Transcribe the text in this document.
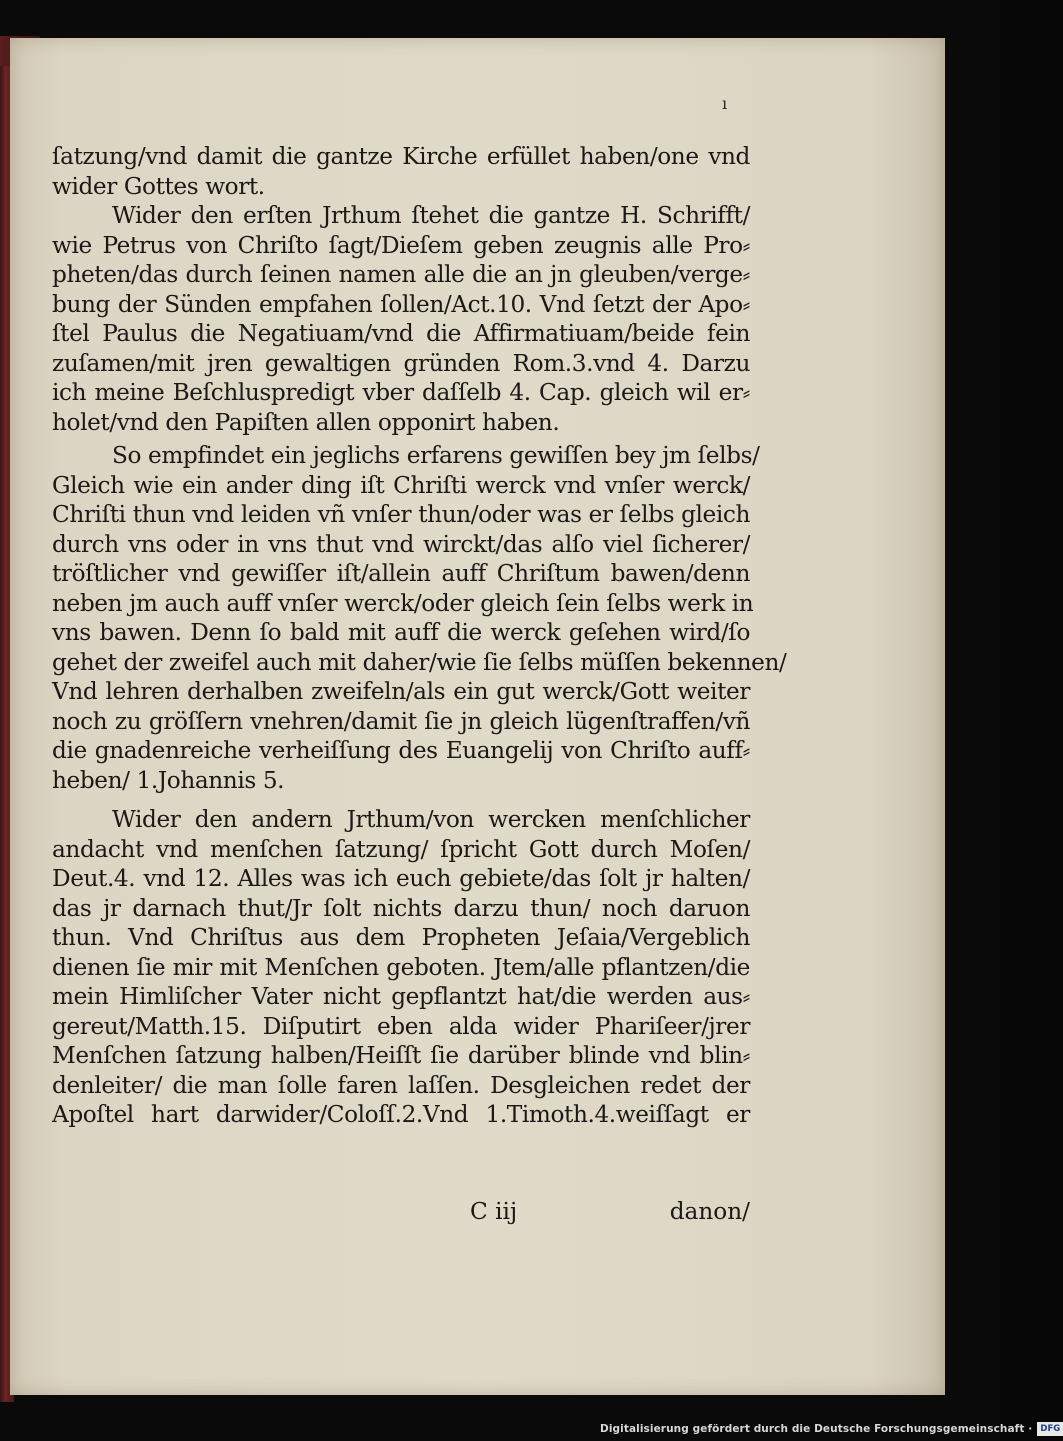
ı
ſatzung/vnd damit die gantze Kirche erfüllet haben/one vnd
wider Gottes wort.
Wider den erſten Jrthum ſtehet die gantze H. Schrifft/
wie Petrus von Chriſto ſagt/Dieſem geben zeugnis alle Pro⸗
pheten/das durch ſeinen namen alle die an jn gleuben/verge⸗
bung der Sünden empfahen ſollen/Act.10. Vnd ſetzt der Apo⸗
ſtel Paulus die Negatiuam/vnd die Affirmatiuam/beide fein
zuſamen/mit jren gewaltigen gründen Rom.3.vnd 4. Darzu
ich meine Beſchluspredigt vber daſſelb 4. Cap. gleich wil er⸗
holet/vnd den Papiſten allen opponirt haben.
So empfindet ein jeglichs erfarens gewiſſen bey jm ſelbs/
Gleich wie ein ander ding iſt Chriſti werck vnd vnſer werck/
Chriſti thun vnd leiden vñ vnſer thun/oder was er ſelbs gleich
durch vns oder in vns thut vnd wirckt/das alſo viel ſicherer/
tröſtlicher vnd gewiſſer iſt/allein auff Chriſtum bawen/denn
neben jm auch auff vnſer werck/oder gleich ſein ſelbs werk in
vns bawen. Denn ſo bald mit auff die werck geſehen wird/ſo
gehet der zweifel auch mit daher/wie ſie ſelbs müſſen bekennen/
Vnd lehren derhalben zweifeln/als ein gut werck/Gott weiter
noch zu gröſſern vnehren/damit ſie jn gleich lügenſtraffen/vñ
die gnadenreiche verheiſſung des Euangelij von Chriſto auff⸗
heben/ 1.Johannis 5.
Wider den andern Jrthum/von wercken menſchlicher
andacht vnd menſchen ſatzung/ ſpricht Gott durch Moſen/
Deut.4. vnd 12. Alles was ich euch gebiete/das ſolt jr halten/
das jr darnach thut/Jr ſolt nichts darzu thun/ noch daruon
thun. Vnd Chriſtus aus dem Propheten Jeſaia/Vergeblich
dienen ſie mir mit Menſchen geboten. Jtem/alle pflantzen/die
mein Himliſcher Vater nicht gepflantzt hat/die werden aus⸗
gereut/Matth.15. Diſputirt eben alda wider Phariſeer/jrer
Menſchen ſatzung halben/Heiſſt ſie darüber blinde vnd blin⸗
denleiter/ die man ſolle faren laſſen. Desgleichen redet der
Apoſtel hart darwider/Coloſſ.2.Vnd 1.Timoth.4.weiſſagt er
C iij	danon/
Digitalisierung gefördert durch die Deutsche Forschungsgemeinschaft · DFG
